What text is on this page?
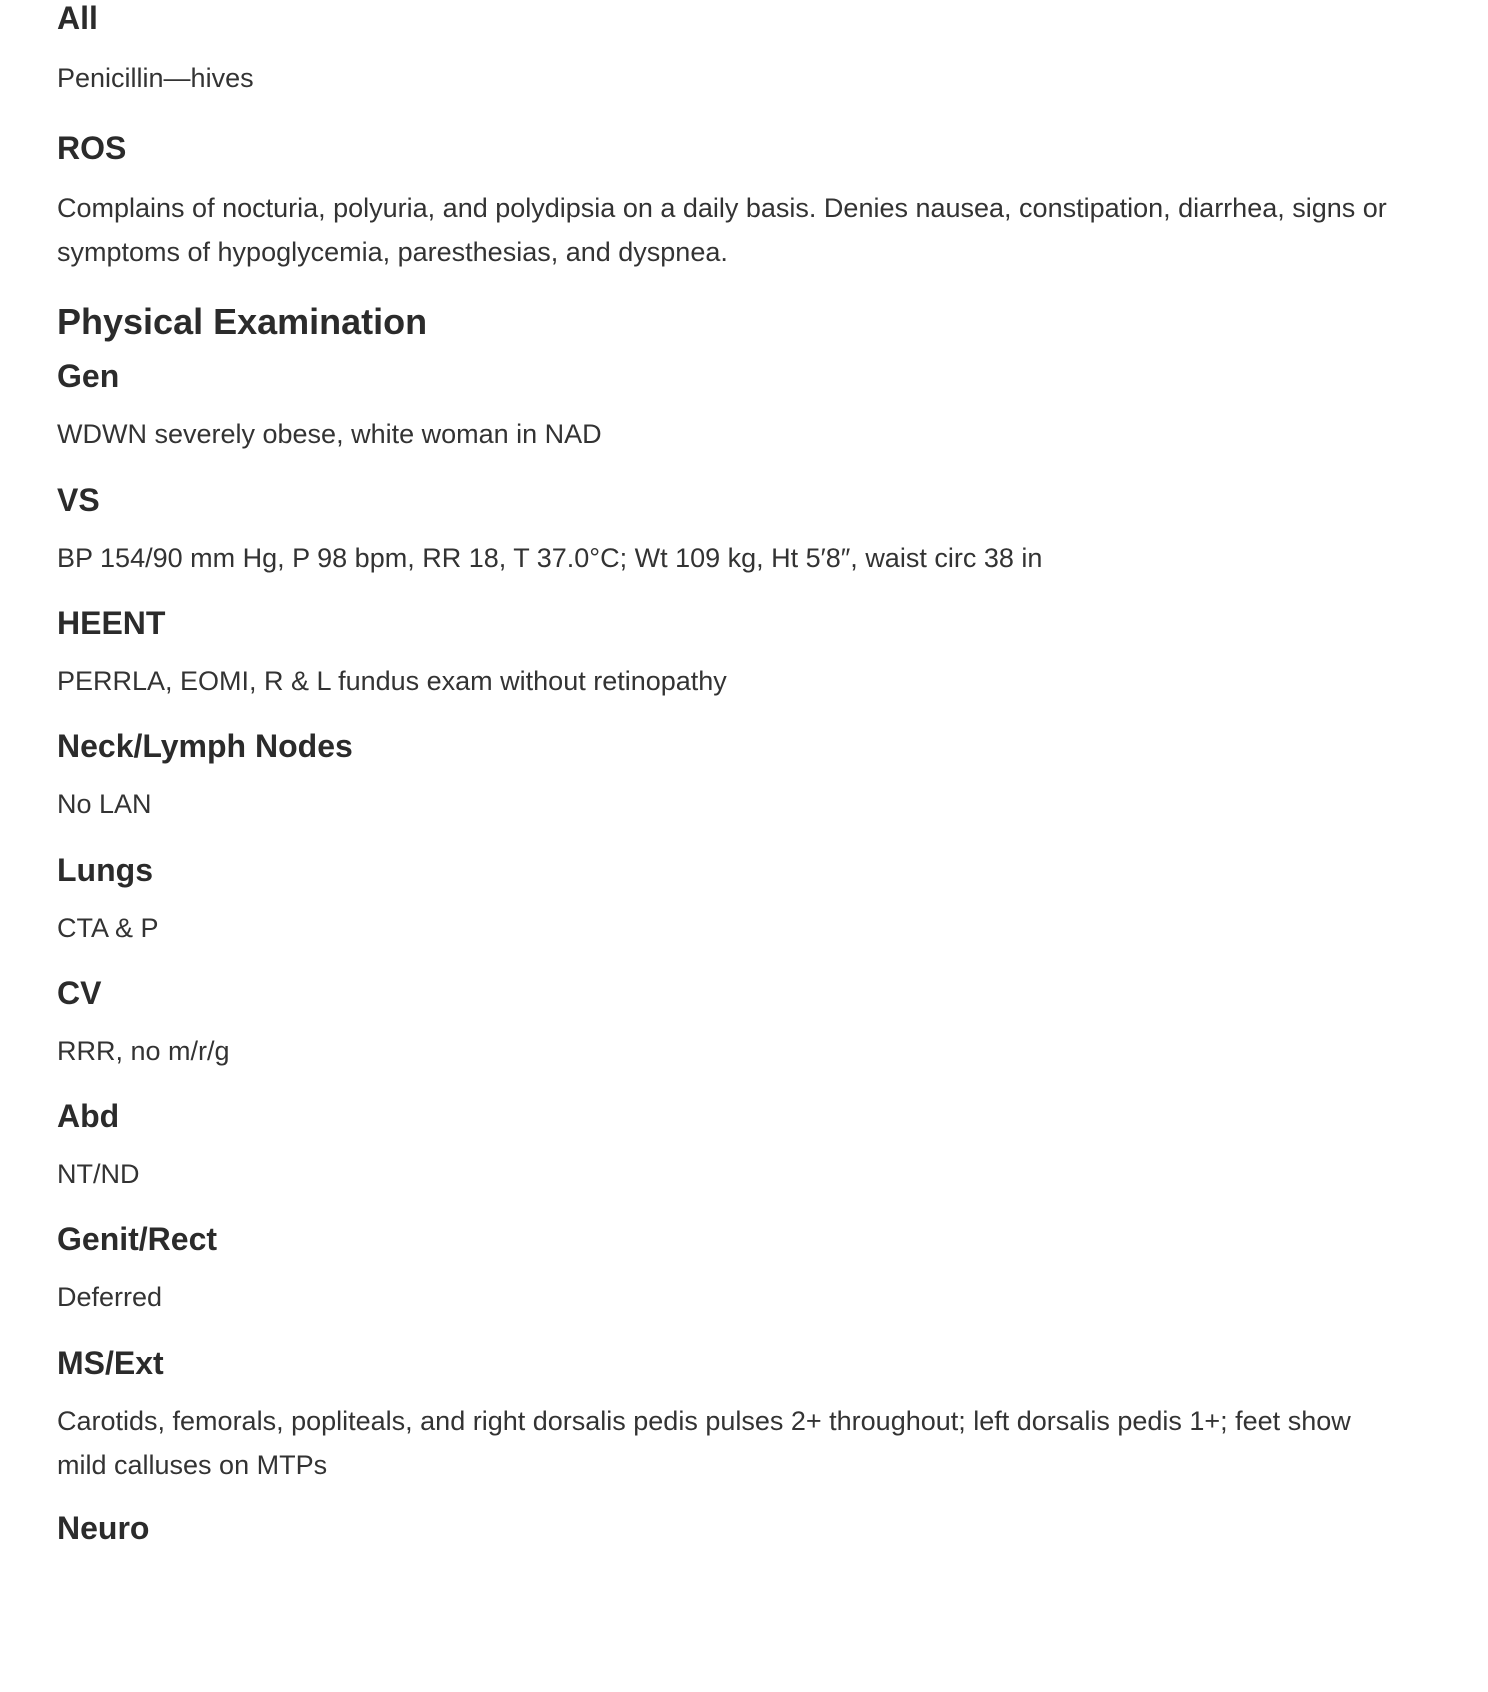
All
Penicillin—hives
ROS
Complains of nocturia, polyuria, and polydipsia on a daily basis. Denies nausea, constipation, diarrhea, signs or symptoms of hypoglycemia, paresthesias, and dyspnea.
Physical Examination
Gen
WDWN severely obese, white woman in NAD
VS
BP 154/90 mm Hg, P 98 bpm, RR 18, T 37.0°C; Wt 109 kg, Ht 5′8″, waist circ 38 in
HEENT
PERRLA, EOMI, R & L fundus exam without retinopathy
Neck/Lymph Nodes
No LAN
Lungs
CTA & P
CV
RRR, no m/r/g
Abd
NT/ND
Genit/Rect
Deferred
MS/Ext
Carotids, femorals, popliteals, and right dorsalis pedis pulses 2+ throughout; left dorsalis pedis 1+; feet show mild calluses on MTPs
Neuro
